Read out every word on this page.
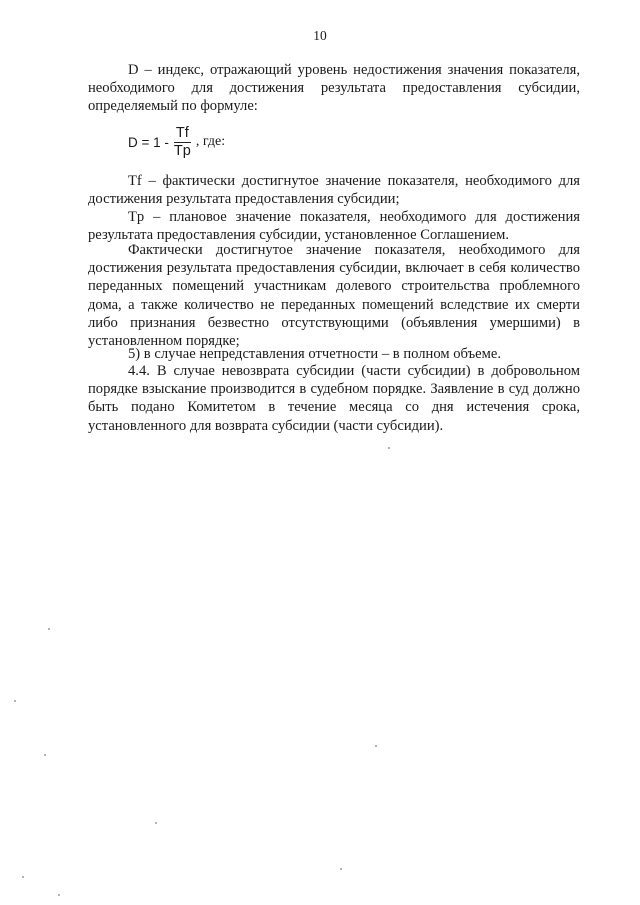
10

D – индекс, отражающий уровень недостижения значения показателя, необходимого для достижения результата предоставления субсидии, определяемый по формуле:

$D = 1 - \frac{Tf}{Tp}$ , где:

Tf – фактически достигнутое значение показателя, необходимого для достижения результата предоставления субсидии;

Tp – плановое значение показателя, необходимого для достижения результата предоставления субсидии, установленное Соглашением.

Фактически достигнутое значение показателя, необходимого для достижения результата предоставления субсидии, включает в себя количество переданных помещений участникам долевого строительства проблемного дома, а также количество не переданных помещений вследствие их смерти либо признания безвестно отсутствующими (объявления умершими) в установленном порядке;

5) в случае непредставления отчетности – в полном объеме.

4.4. В случае невозврата субсидии (части субсидии) в добровольном порядке взыскание производится в судебном порядке. Заявление в суд должно быть подано Комитетом в течение месяца со дня истечения срока, установленного для возврата субсидии (части субсидии).
